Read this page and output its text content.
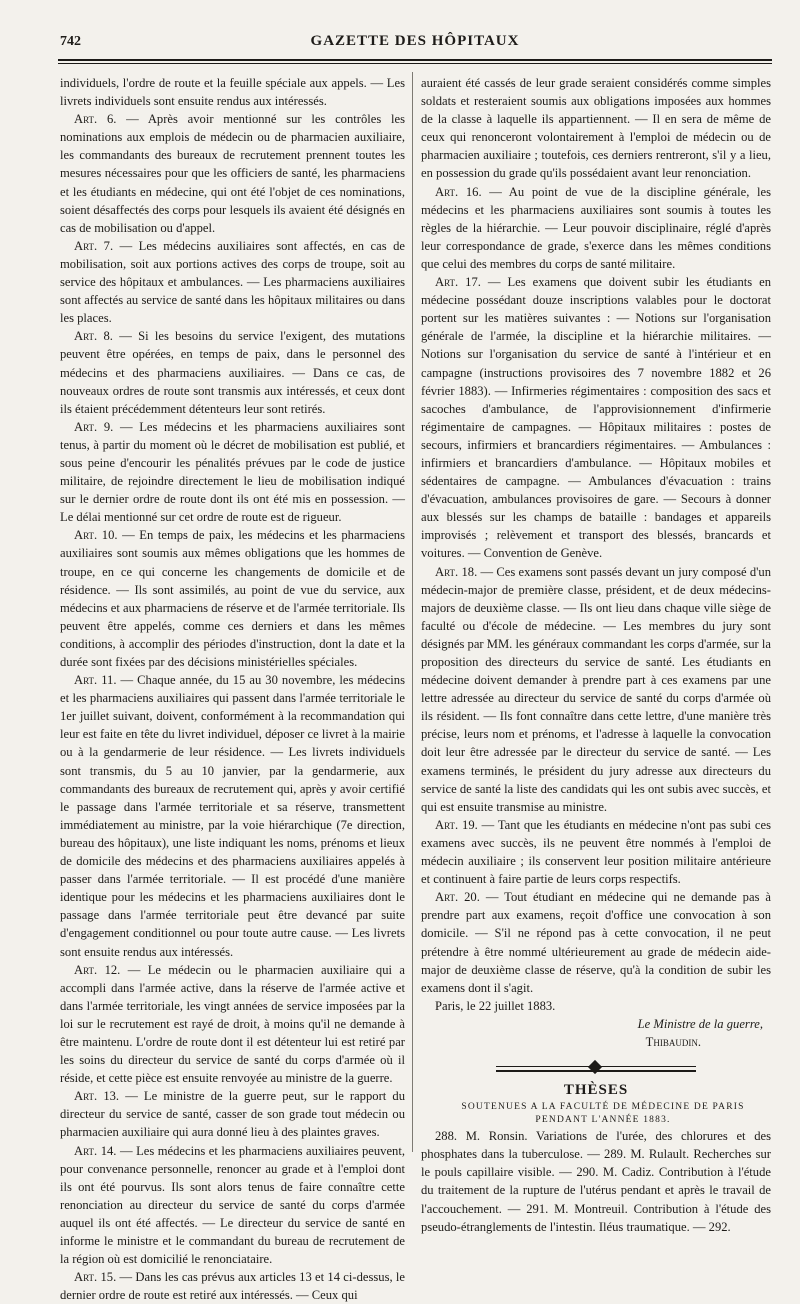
742	GAZETTE DES HÔPITAUX

individuels, l'ordre de route et la feuille spéciale aux appels. — Les livrets individuels sont ensuite rendus aux intéressés.

Art. 6. — Après avoir mentionné sur les contrôles les nominations aux emplois de médecin ou de pharmacien auxiliaire, les commandants des bureaux de recrutement prennent toutes les mesures nécessaires pour que les officiers de santé, les pharmaciens et les étudiants en médecine, qui ont été l'objet de ces nominations, soient désaffectés des corps pour lesquels ils avaient été désignés en cas de mobilisation ou d'appel.

Art. 7. — Les médecins auxiliaires sont affectés, en cas de mobilisation, soit aux portions actives des corps de troupe, soit au service des hôpitaux et ambulances. — Les pharmaciens auxiliaires sont affectés au service de santé dans les hôpitaux militaires ou dans les places.

Art. 8. — Si les besoins du service l'exigent, des mutations peuvent être opérées, en temps de paix, dans le personnel des médecins et des pharmaciens auxiliaires. — Dans ce cas, de nouveaux ordres de route sont transmis aux intéressés, et ceux dont ils étaient précédemment détenteurs leur sont retirés.

Art. 9. — Les médecins et les pharmaciens auxiliaires sont tenus, à partir du moment où le décret de mobilisation est publié, et sous peine d'encourir les pénalités prévues par le code de justice militaire, de rejoindre directement le lieu de mobilisation indiqué sur le dernier ordre de route dont ils ont été mis en possession. — Le délai mentionné sur cet ordre de route est de rigueur.

Art. 10. — En temps de paix, les médecins et les pharmaciens auxiliaires sont soumis aux mêmes obligations que les hommes de troupe, en ce qui concerne les changements de domicile et de résidence. — Ils sont assimilés, au point de vue du service, aux médecins et aux pharmaciens de réserve et de l'armée territoriale. Ils peuvent être appelés, comme ces derniers et dans les mêmes conditions, à accomplir des périodes d'instruction, dont la date et la durée sont fixées par des décisions ministérielles spéciales.

Art. 11. — Chaque année, du 15 au 30 novembre, les médecins et les pharmaciens auxiliaires qui passent dans l'armée territoriale le 1er juillet suivant, doivent, conformément à la recommandation qui leur est faite en tête du livret individuel, déposer ce livret à la mairie ou à la gendarmerie de leur résidence. — Les livrets individuels sont transmis, du 5 au 10 janvier, par la gendarmerie, aux commandants des bureaux de recrutement qui, après y avoir certifié le passage dans l'armée territoriale et sa réserve, transmettent immédiatement au ministre, par la voie hiérarchique (7e direction, bureau des hôpitaux), une liste indiquant les noms, prénoms et lieux de domicile des médecins et des pharmaciens auxiliaires appelés à passer dans l'armée territoriale. — Il est procédé d'une manière identique pour les médecins et les pharmaciens auxiliaires dont le passage dans l'armée territoriale peut être devancé par suite d'engagement conditionnel ou pour toute autre cause. — Les livrets sont ensuite rendus aux intéressés.

Art. 12. — Le médecin ou le pharmacien auxiliaire qui a accompli dans l'armée active, dans la réserve de l'armée active et dans l'armée territoriale, les vingt années de service imposées par la loi sur le recrutement est rayé de droit, à moins qu'il ne demande à être maintenu. L'ordre de route dont il est détenteur lui est retiré par les soins du directeur du service de santé du corps d'armée où il réside, et cette pièce est ensuite renvoyée au ministre de la guerre.

Art. 13. — Le ministre de la guerre peut, sur le rapport du directeur du service de santé, casser de son grade tout médecin ou pharmacien auxiliaire qui aura donné lieu à des plaintes graves.

Art. 14. — Les médecins et les pharmaciens auxiliaires peuvent, pour convenance personnelle, renoncer au grade et à l'emploi dont ils ont été pourvus. Ils sont alors tenus de faire connaître cette renonciation au directeur du service de santé du corps d'armée auquel ils ont été affectés. — Le directeur du service de santé en informe le ministre et le commandant du bureau de recrutement de la région où est domicilié le renonciataire.

Art. 15. — Dans les cas prévus aux articles 13 et 14 ci-dessus, le dernier ordre de route est retiré aux intéressés. — Ceux qui

auraient été cassés de leur grade seraient considérés comme simples soldats et resteraient soumis aux obligations imposées aux hommes de la classe à laquelle ils appartiennent. — Il en sera de même de ceux qui renonceront volontairement à l'emploi de médecin ou de pharmacien auxiliaire ; toutefois, ces derniers rentreront, s'il y a lieu, en possession du grade qu'ils possédaient avant leur renonciation.

Art. 16. — Au point de vue de la discipline générale, les médecins et les pharmaciens auxiliaires sont soumis à toutes les règles de la hiérarchie. — Leur pouvoir disciplinaire, réglé d'après leur correspondance de grade, s'exerce dans les mêmes conditions que celui des membres du corps de santé militaire.

Art. 17. — Les examens que doivent subir les étudiants en médecine possédant douze inscriptions valables pour le doctorat portent sur les matières suivantes : — Notions sur l'organisation générale de l'armée, la discipline et la hiérarchie militaires. — Notions sur l'organisation du service de santé à l'intérieur et en campagne (instructions provisoires des 7 novembre 1882 et 26 février 1883). — Infirmeries régimentaires : composition des sacs et sacoches d'ambulance, de l'approvisionnement d'infirmerie régimentaire de campagnes. — Hôpitaux militaires : postes de secours, infirmiers et brancardiers régimentaires. — Ambulances : infirmiers et brancardiers d'ambulance. — Hôpitaux mobiles et sédentaires de campagne. — Ambulances d'évacuation : trains d'évacuation, ambulances provisoires de gare. — Secours à donner aux blessés sur les champs de bataille : bandages et appareils improvisés ; relèvement et transport des blessés, brancards et voitures. — Convention de Genève.

Art. 18. — Ces examens sont passés devant un jury composé d'un médecin-major de première classe, président, et de deux médecins-majors de deuxième classe. — Ils ont lieu dans chaque ville siège de faculté ou d'école de médecine. — Les membres du jury sont désignés par MM. les généraux commandant les corps d'armée, sur la proposition des directeurs du service de santé. Les étudiants en médecine doivent demander à prendre part à ces examens par une lettre adressée au directeur du service de santé du corps d'armée où ils résident. — Ils font connaître dans cette lettre, d'une manière très précise, leurs nom et prénoms, et l'adresse à laquelle la convocation doit leur être adressée par le directeur du service de santé. — Les examens terminés, le président du jury adresse aux directeurs du service de santé la liste des candidats qui les ont subis avec succès, et qui est ensuite transmise au ministre.

Art. 19. — Tant que les étudiants en médecine n'ont pas subi ces examens avec succès, ils ne peuvent être nommés à l'emploi de médecin auxiliaire ; ils conservent leur position militaire antérieure et continuent à faire partie de leurs corps respectifs.

Art. 20. — Tout étudiant en médecine qui ne demande pas à prendre part aux examens, reçoit d'office une convocation à son domicile. — S'il ne répond pas à cette convocation, il ne peut prétendre à être nommé ultérieurement au grade de médecin aide-major de deuxième classe de réserve, qu'à la condition de subir les examens dont il s'agit.

Paris, le 22 juillet 1883.

Le Ministre de la guerre,

Thibaudin.

THÈSES

SOUTENUES A LA FACULTÉ DE MÉDECINE DE PARIS

PENDANT L'ANNÉE 1883.

288. M. Ronsin. Variations de l'urée, des chlorures et des phosphates dans la tuberculose. — 289. M. Rulault. Recherches sur le pouls capillaire visible. — 290. M. Cadiz. Contribution à l'étude du traitement de la rupture de l'utérus pendant et après le travail de l'accouchement. — 291. M. Montreuil. Contribution à l'étude des pseudo-étranglements de l'intestin. Iléus traumatique. — 292.
